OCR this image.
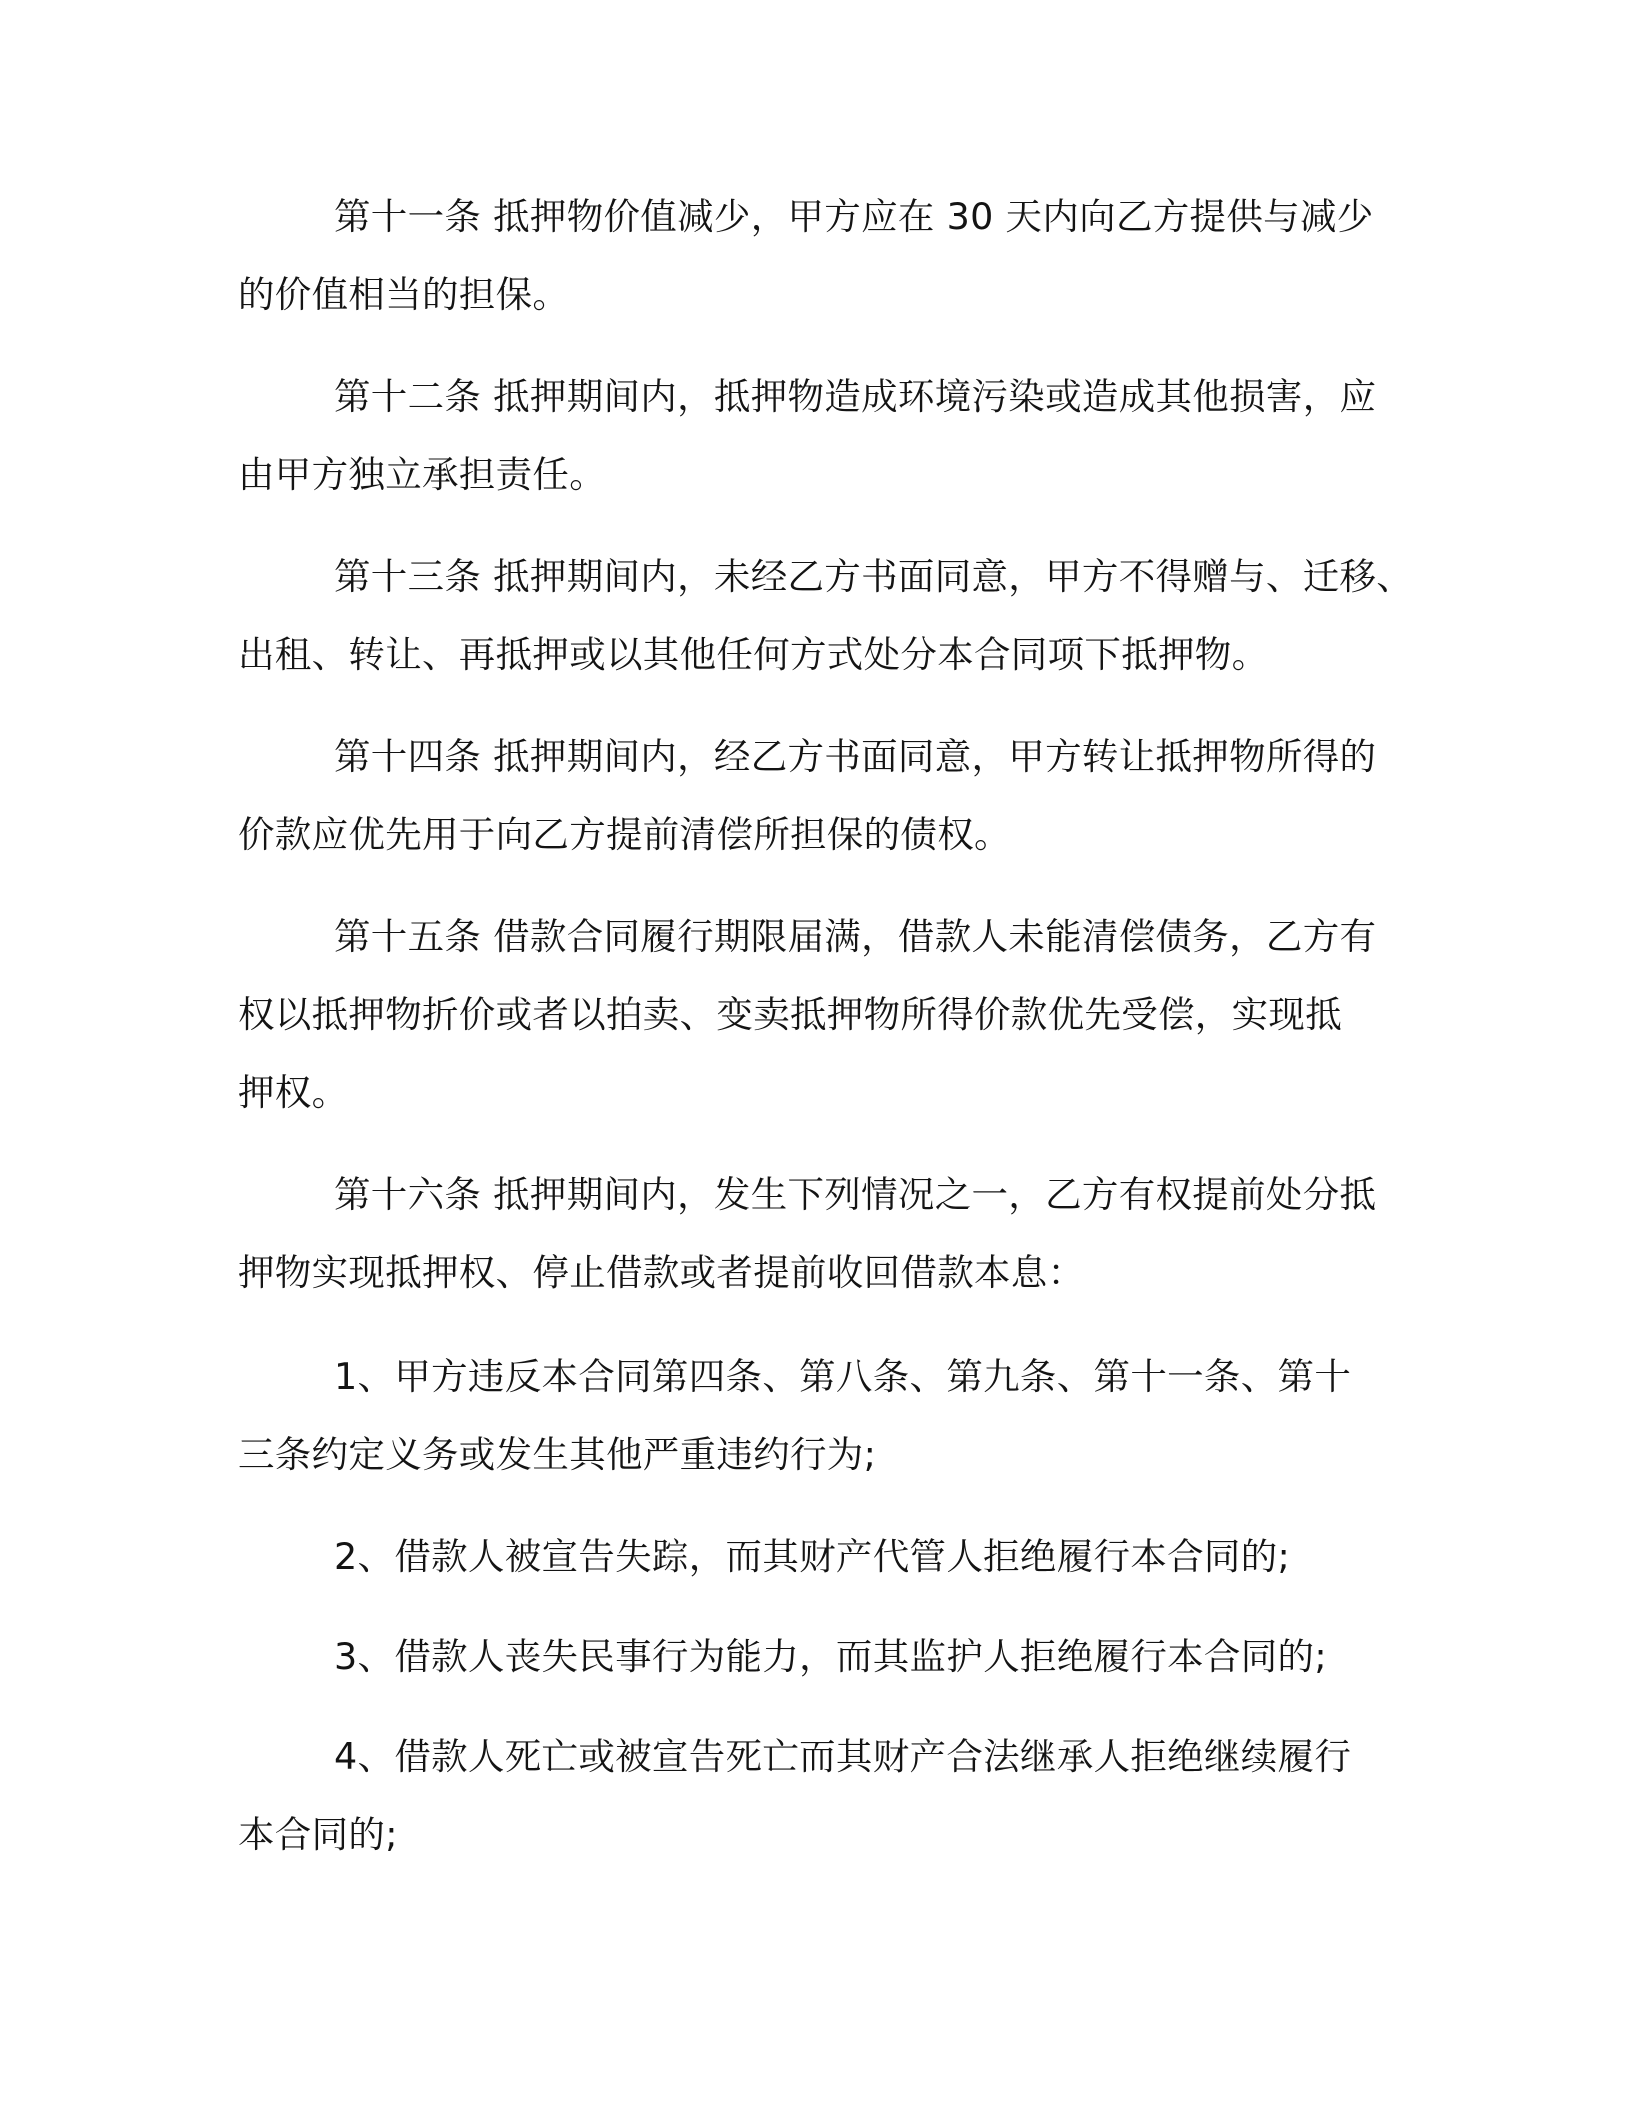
第十一条 抵押物价值减少，甲方应在 30 天内向乙方提供与减少
的价值相当的担保。

第十二条 抵押期间内，抵押物造成环境污染或造成其他损害，应
由甲方独立承担责任。

第十三条 抵押期间内，未经乙方书面同意，甲方不得赠与、迁移、
出租、转让、再抵押或以其他任何方式处分本合同项下抵押物。

第十四条 抵押期间内，经乙方书面同意，甲方转让抵押物所得的
价款应优先用于向乙方提前清偿所担保的债权。

第十五条 借款合同履行期限届满，借款人未能清偿债务，乙方有
权以抵押物折价或者以拍卖、变卖抵押物所得价款优先受偿，实现抵
押权。

第十六条 抵押期间内，发生下列情况之一，乙方有权提前处分抵
押物实现抵押权、停止借款或者提前收回借款本息：

1、甲方违反本合同第四条、第八条、第九条、第十一条、第十
三条约定义务或发生其他严重违约行为;

2、借款人被宣告失踪，而其财产代管人拒绝履行本合同的;

3、借款人丧失民事行为能力，而其监护人拒绝履行本合同的;

4、借款人死亡或被宣告死亡而其财产合法继承人拒绝继续履行
本合同的;
